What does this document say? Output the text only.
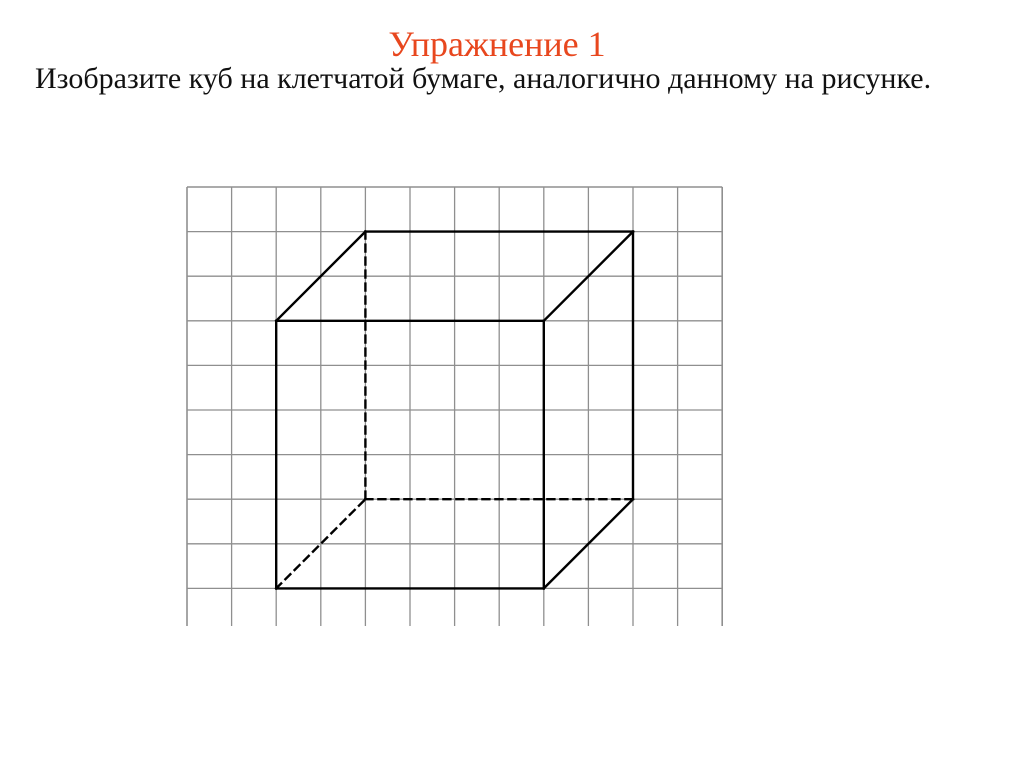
Упражнение 1
Изобразите куб на клетчатой бумаге, аналогично данному на рисунке.
